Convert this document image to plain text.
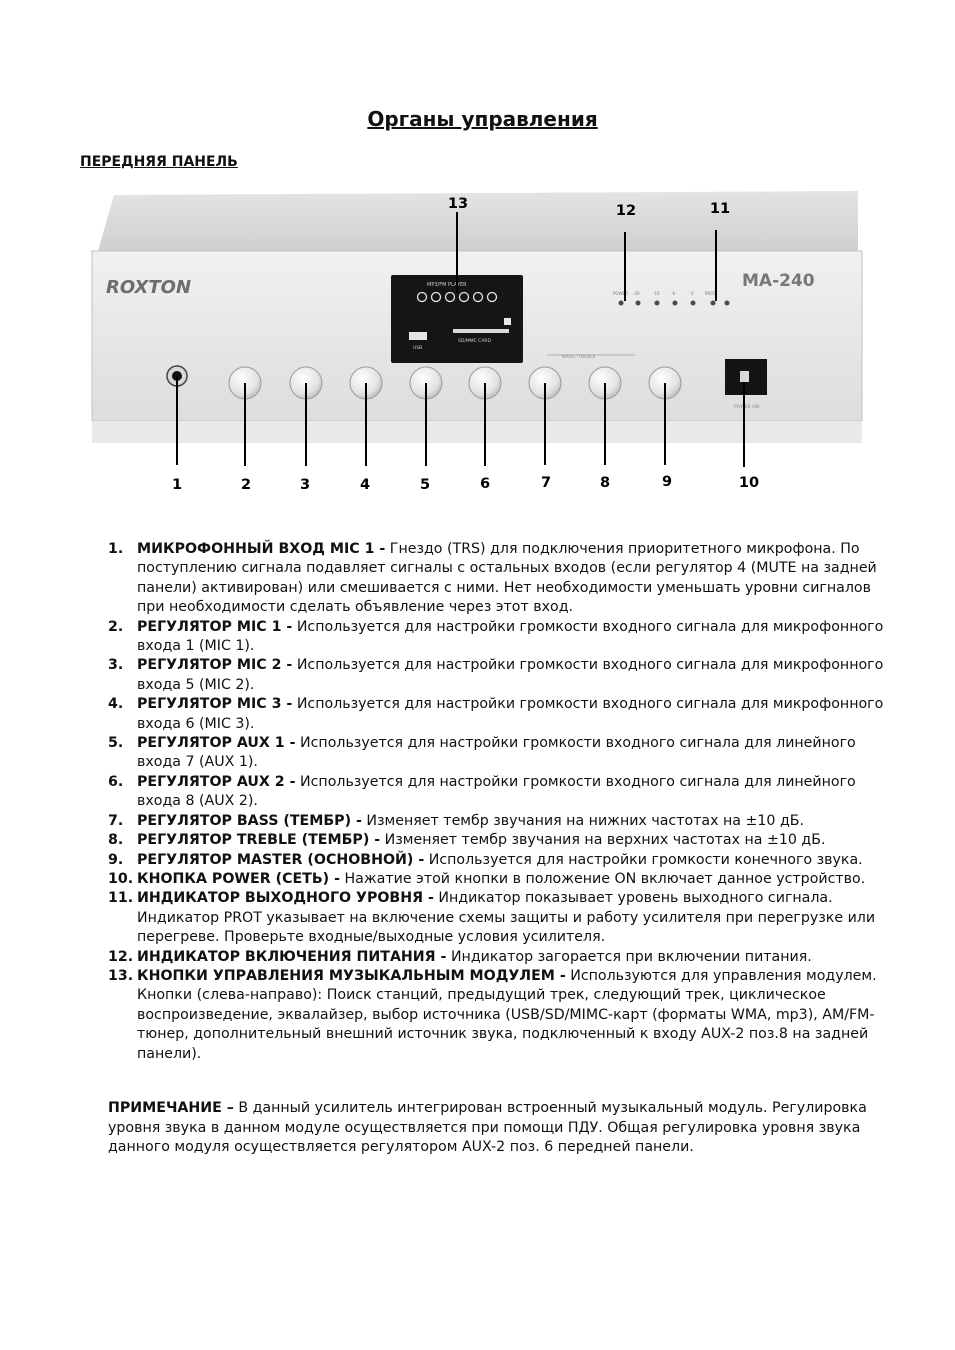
Органы управления
ПЕРЕДНЯЯ ПАНЕЛЬ
ROXTON	MA-240
MP3/FM PLAYER
USB
SD/MMC CARD
POWER -20	-10	-6	0	PROT
BASS / TREBLE
POWER ON
1	2	3	4	5	6	7	8	9	10
11
12
13
1. МИКРОФОННЫЙ ВХОД MIC 1 - Гнездо (TRS) для подключения приоритетного микрофона. По поступлению сигнала подавляет сигналы с остальных входов (если регулятор 4 (MUTE на задней панели) активирован) или смешивается с ними. Нет необходимости уменьшать уровни сигналов при необходимости сделать объявление через этот вход.
2. РЕГУЛЯТОР MIC 1 - Используется для настройки громкости входного сигнала для микрофонного входа 1 (MIC 1).
3. РЕГУЛЯТОР MIC 2 - Используется для настройки громкости входного сигнала для микрофонного входа 5 (MIC 2).
4. РЕГУЛЯТОР MIC 3 - Используется для настройки громкости входного сигнала для микрофонного входа 6 (MIC 3).
5. РЕГУЛЯТОР AUX 1 - Используется для настройки громкости входного сигнала для линейного входа 7 (AUX 1).
6. РЕГУЛЯТОР AUX 2 - Используется для настройки громкости входного сигнала для линейного входа 8 (AUX 2).
7. РЕГУЛЯТОР BASS (ТЕМБР) - Изменяет тембр звучания на нижних частотах на ±10 дБ.
8. РЕГУЛЯТОР TREBLE (ТЕМБР) - Изменяет тембр звучания на верхних частотах на ±10 дБ.
9. РЕГУЛЯТОР MASTER (ОСНОВНОЙ) - Используется для настройки громкости конечного звука.
10. КНОПКА POWER (СЕТЬ) - Нажатие этой кнопки в положение ON включает данное устройство.
11. ИНДИКАТОР ВЫХОДНОГО УРОВНЯ - Индикатор показывает уровень выходного сигнала. Индикатор PROT указывает на включение схемы защиты и работу усилителя при перегрузке или перегреве. Проверьте входные/выходные условия усилителя.
12. ИНДИКАТОР ВКЛЮЧЕНИЯ ПИТАНИЯ - Индикатор загорается при включении питания.
13. КНОПКИ УПРАВЛЕНИЯ МУЗЫКАЛЬНЫМ МОДУЛЕМ - Используются для управления модулем. Кнопки (слева-направо): Поиск станций, предыдущий трек, следующий трек, циклическое воспроизведение, эквалайзер, выбор источника (USB/SD/MIMC-карт (форматы WMA, mp3), AM/FM-тюнер, дополнительный внешний источник звука, подключенный к входу AUX-2 поз.8 на задней панели).

ПРИМЕЧАНИЕ – В данный усилитель интегрирован встроенный музыкальный модуль. Регулировка уровня звука в данном модуле осуществляется при помощи ПДУ. Общая регулировка уровня звука данного модуля осуществляется регулятором AUX-2 поз. 6 передней панели.
